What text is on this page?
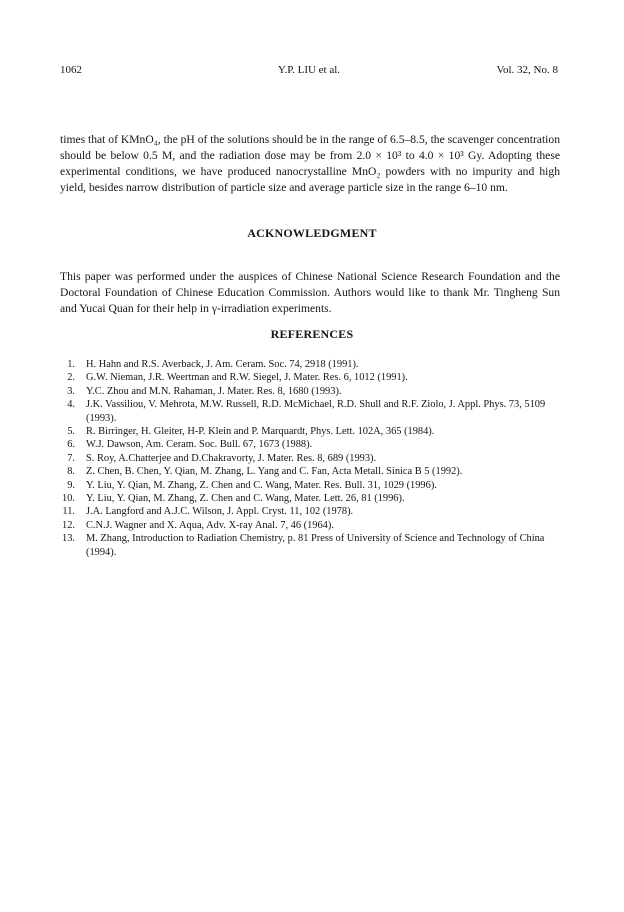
1062	Y.P. LIU et al.	Vol. 32, No. 8

times that of KMnO₄, the pH of the solutions should be in the range of 6.5–8.5, the scavenger concentration should be below 0.5 M, and the radiation dose may be from 2.0 × 10³ to 4.0 × 10³ Gy. Adopting these experimental conditions, we have produced nanocrystalline MnO₂ powders with no impurity and high yield, besides narrow distribution of particle size and average particle size in the range 6–10 nm.

ACKNOWLEDGMENT

This paper was performed under the auspices of Chinese National Science Research Foundation and the Doctoral Foundation of Chinese Education Commission. Authors would like to thank Mr. Tingheng Sun and Yucai Quan for their help in γ-irradiation experiments.

REFERENCES
1. H. Hahn and R.S. Averback, J. Am. Ceram. Soc. 74, 2918 (1991).
2. G.W. Nieman, J.R. Weertman and R.W. Siegel, J. Mater. Res. 6, 1012 (1991).
3. Y.C. Zhou and M.N. Rahaman, J. Mater. Res. 8, 1680 (1993).
4. J.K. Vassiliou, V. Mehrota, M.W. Russell, R.D. McMichael, R.D. Shull and R.F. Ziolo, J. Appl. Phys. 73, 5109 (1993).
5. R. Birringer, H. Gleiter, H-P. Klein and P. Marquardt, Phys. Lett. 102A, 365 (1984).
6. W.J. Dawson, Am. Ceram. Soc. Bull. 67, 1673 (1988).
7. S. Roy, A.Chatterjee and D.Chakravorty, J. Mater. Res. 8, 689 (1993).
8. Z. Chen, B. Chen, Y. Qian, M. Zhang, L. Yang and C. Fan, Acta Metall. Sinica B 5 (1992).
9. Y. Liu, Y. Qian, M. Zhang, Z. Chen and C. Wang, Mater. Res. Bull. 31, 1029 (1996).
10. Y. Liu, Y. Qian, M. Zhang, Z. Chen and C. Wang, Mater. Lett. 26, 81 (1996).
11. J.A. Langford and A.J.C. Wilson, J. Appl. Cryst. 11, 102 (1978).
12. C.N.J. Wagner and X. Aqua, Adv. X-ray Anal. 7, 46 (1964).
13. M. Zhang, Introduction to Radiation Chemistry, p. 81 Press of University of Science and Technology of China (1994).
